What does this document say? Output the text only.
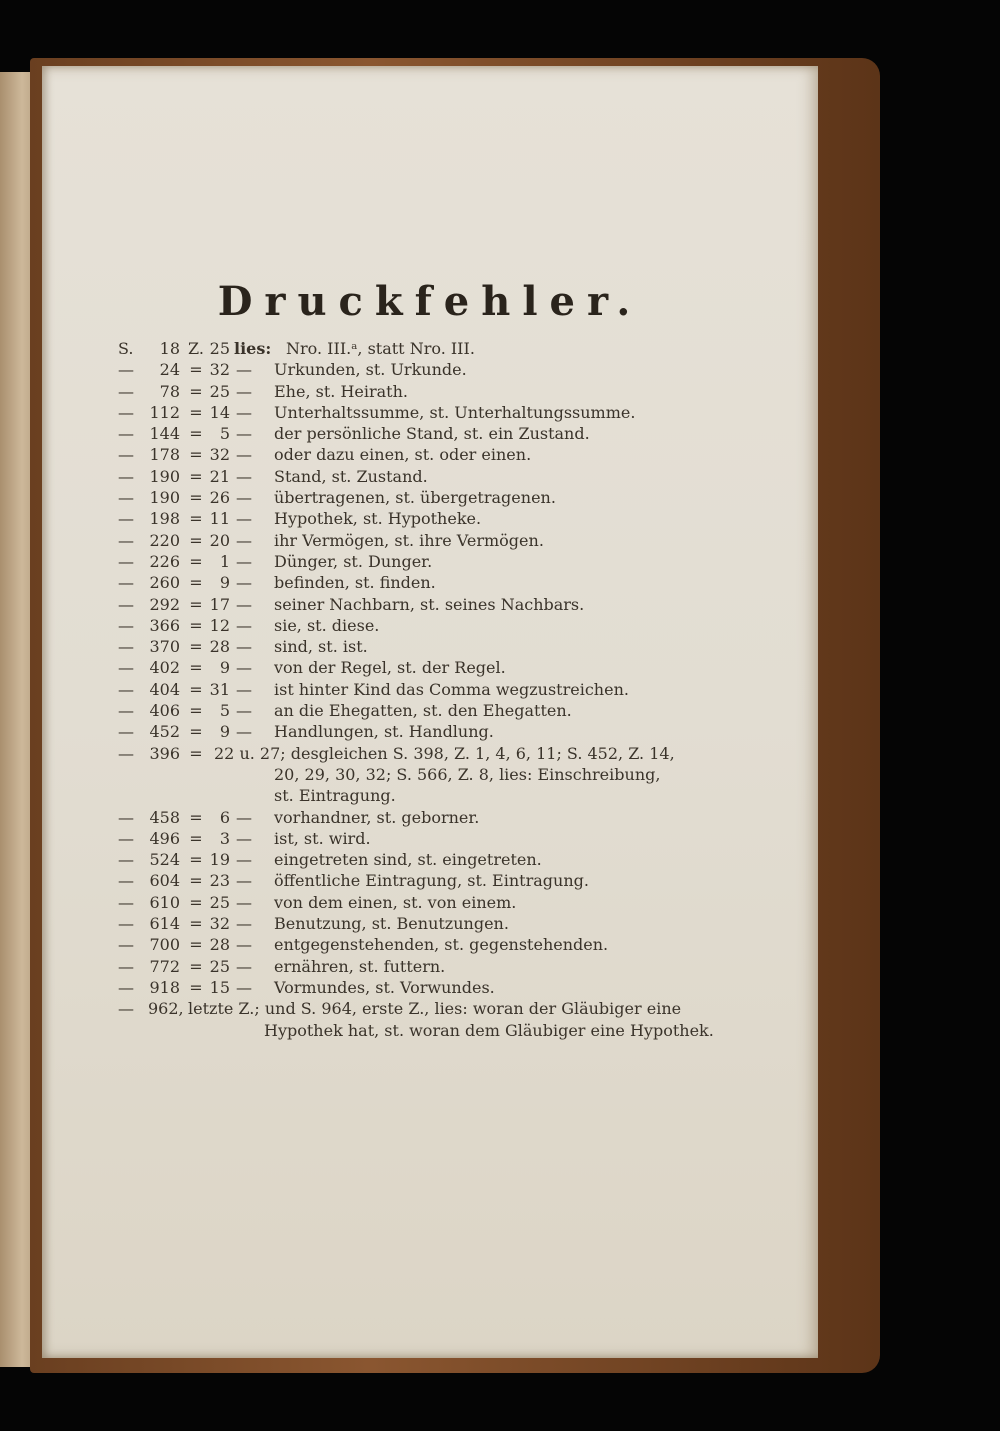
Druckfehler.
S.	18 Z. 25 lies: Nro. III.ᵃ, statt Nro. III.
—	24 = 32 — Urkunden, st. Urkunde.
—	78 = 25 — Ehe, st. Heirath.
— 112 = 14 — Unterhaltssumme, st. Unterhaltungssumme.
— 144 =	5 — der persönliche Stand, st. ein Zustand.
— 178 = 32 — oder dazu einen, st. oder einen.
— 190 = 21 — Stand, st. Zustand.
— 190 = 26 — übertragenen, st. übergetragenen.
— 198 = 11 — Hypothek, st. Hypotheke.
— 220 = 20 — ihr Vermögen, st. ihre Vermögen.
— 226 =	1 — Dünger, st. Dunger.
— 260 =	9 — befinden, st. finden.
— 292 = 17 — seiner Nachbarn, st. seines Nachbars.
— 366 = 12 — sie, st. diese.
— 370 = 28 — sind, st. ist.
— 402 =	9 — von der Regel, st. der Regel.
— 404 = 31 — ist hinter Kind das Comma wegzustreichen.
— 406 =	5 — an die Ehegatten, st. den Ehegatten.
— 452 =	9 — Handlungen, st. Handlung.
— 396 = 22 u. 27; desgleichen S. 398, Z. 1, 4, 6, 11; S. 452, Z. 14,
20, 29, 30, 32; S. 566, Z. 8, lies: Einschreibung,
st. Eintragung.
— 458 =	6 — vorhandner, st. geborner.
— 496 =	3 — ist, st. wird.
— 524 = 19 — eingetreten sind, st. eingetreten.
— 604 = 23 — öffentliche Eintragung, st. Eintragung.
— 610 = 25 — von dem einen, st. von einem.
— 614 = 32 — Benutzung, st. Benutzungen.
— 700 = 28 — entgegenstehenden, st. gegenstehenden.
— 772 = 25 — ernähren, st. futtern.
— 918 = 15 — Vormundes, st. Vorwundes.
— 962, letzte Z.; und S. 964, erste Z., lies: woran der Gläubiger eine
Hypothek hat, st. woran dem Gläubiger eine Hypothek.
